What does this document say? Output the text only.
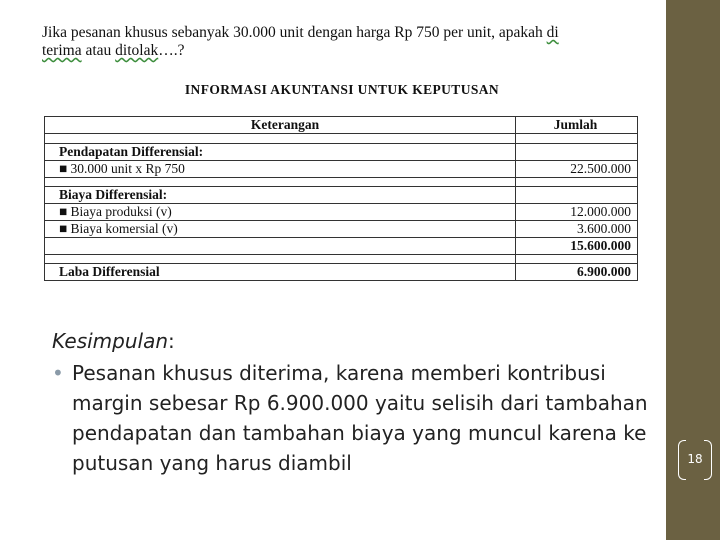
18
Jika pesanan khusus sebanyak 30.000 unit dengan harga Rp 750 per unit, apakah di
terima atau ditolak….?
INFORMASI AKUNTANSI UNTUK KEPUTUSAN
Keterangan	Jumlah

Pendapatan Differensial:	
■ 30.000 unit x Rp 750	22.500.000

Biaya Differensial:	
■ Biaya produksi (v)	12.000.000
■ Biaya komersial (v)	3.600.000
	15.600.000

Laba Differensial	6.900.000
Kesimpulan:
• Pesanan khusus diterima, karena memberi kontribusi margin sebesar Rp 6.900.000 yaitu selisih dari tambahan pendapatan dan tambahan biaya yang muncul karena ke putusan yang harus diambil
